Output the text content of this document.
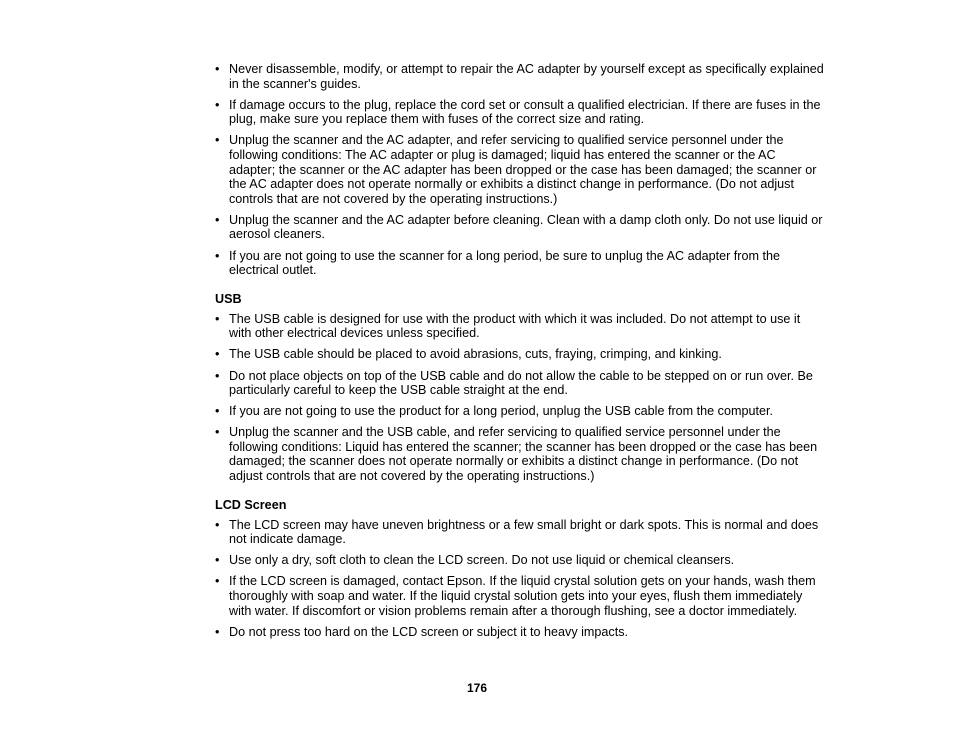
• Never disassemble, modify, or attempt to repair the AC adapter by yourself except as specifically explained in the scanner's guides.
• If damage occurs to the plug, replace the cord set or consult a qualified electrician. If there are fuses in the plug, make sure you replace them with fuses of the correct size and rating.
• Unplug the scanner and the AC adapter, and refer servicing to qualified service personnel under the following conditions: The AC adapter or plug is damaged; liquid has entered the scanner or the AC adapter; the scanner or the AC adapter has been dropped or the case has been damaged; the scanner or the AC adapter does not operate normally or exhibits a distinct change in performance. (Do not adjust controls that are not covered by the operating instructions.)
• Unplug the scanner and the AC adapter before cleaning. Clean with a damp cloth only. Do not use liquid or aerosol cleaners.
• If you are not going to use the scanner for a long period, be sure to unplug the AC adapter from the electrical outlet.
USB
• The USB cable is designed for use with the product with which it was included. Do not attempt to use it with other electrical devices unless specified.
• The USB cable should be placed to avoid abrasions, cuts, fraying, crimping, and kinking.
• Do not place objects on top of the USB cable and do not allow the cable to be stepped on or run over. Be particularly careful to keep the USB cable straight at the end.
• If you are not going to use the product for a long period, unplug the USB cable from the computer.
• Unplug the scanner and the USB cable, and refer servicing to qualified service personnel under the following conditions: Liquid has entered the scanner; the scanner has been dropped or the case has been damaged; the scanner does not operate normally or exhibits a distinct change in performance. (Do not adjust controls that are not covered by the operating instructions.)
LCD Screen
• The LCD screen may have uneven brightness or a few small bright or dark spots. This is normal and does not indicate damage.
• Use only a dry, soft cloth to clean the LCD screen. Do not use liquid or chemical cleansers.
• If the LCD screen is damaged, contact Epson. If the liquid crystal solution gets on your hands, wash them thoroughly with soap and water. If the liquid crystal solution gets into your eyes, flush them immediately with water. If discomfort or vision problems remain after a thorough flushing, see a doctor immediately.
• Do not press too hard on the LCD screen or subject it to heavy impacts.
176
